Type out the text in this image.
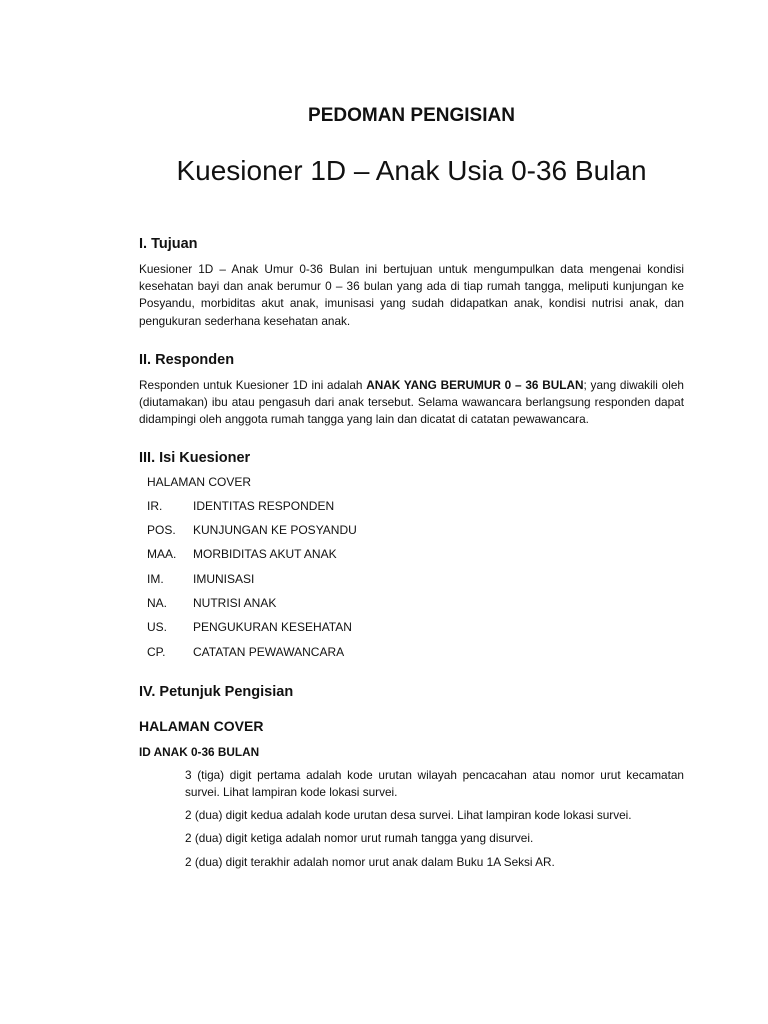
PEDOMAN PENGISIAN
Kuesioner 1D – Anak Usia 0-36 Bulan
I. Tujuan

Kuesioner 1D – Anak Umur 0-36 Bulan ini bertujuan untuk mengumpulkan data mengenai kondisi kesehatan bayi dan anak berumur 0 – 36 bulan yang ada di tiap rumah tangga, meliputi kunjungan ke Posyandu, morbiditas akut anak, imunisasi yang sudah didapatkan anak, kondisi nutrisi anak, dan pengukuran sederhana kesehatan anak.

II. Responden

Responden untuk Kuesioner 1D ini adalah ANAK YANG BERUMUR 0 – 36 BULAN; yang diwakili oleh (diutamakan) ibu atau pengasuh dari anak tersebut. Selama wawancara berlangsung responden dapat didampingi oleh anggota rumah tangga yang lain dan dicatat di catatan pewawancara.

III. Isi Kuesioner
HALAMAN COVER
IR.	IDENTITAS RESPONDEN
POS.	KUNJUNGAN KE POSYANDU
MAA.	MORBIDITAS AKUT ANAK
IM.	IMUNISASI
NA.	NUTRISI ANAK
US.	PENGUKURAN KESEHATAN
CP.	CATATAN PEWAWANCARA
IV. Petunjuk Pengisian
HALAMAN COVER
ID ANAK 0-36 BULAN

3 (tiga) digit pertama adalah kode urutan wilayah pencacahan atau nomor urut kecamatan survei. Lihat lampiran kode lokasi survei.

2 (dua) digit kedua adalah kode urutan desa survei. Lihat lampiran kode lokasi survei.

2 (dua) digit ketiga adalah nomor urut rumah tangga yang disurvei.

2 (dua) digit terakhir adalah nomor urut anak dalam Buku 1A Seksi AR.
